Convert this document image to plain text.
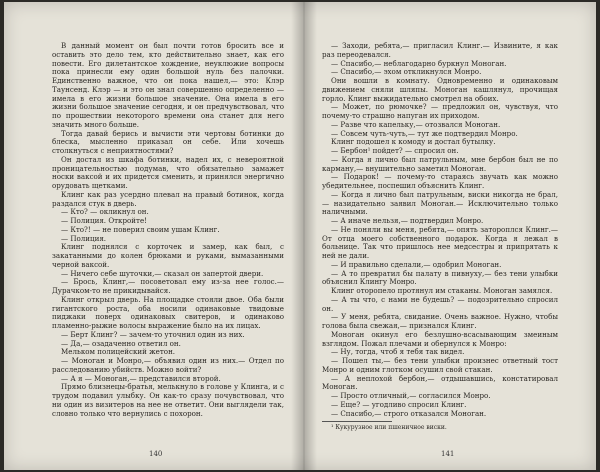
В данный момент он был почти готов бросить все и оставить это дело тем, кто действительно знает, как его повести. Его дилетантское хождение, неуклюжие вопросы пока принесли ему один большой нуль без палочки. Единственно важное, что он пока нашел,— это: Клэр Таунсенд. Клэр — и это он знал совершенно определенно — имела в его жизни большое значение. Она имела в его жизни большое значение сегодня, и он предчувствовал, что по прошествии некоторого времени она станет для него значить много больше.

Тогда давай берись и вычисти эти чертовы ботинки до блеска, мысленно приказал он себе. Или хочешь столкнуться с неприятностями?

Он достал из шкафа ботинки, надел их, с невероятной проницательностью подумав, что обязательно замажет носки ваксой и их придется сменить, и принялся энергично орудовать щетками.

Клинг как раз усердно плевал на правый ботинок, когда раздался стук в дверь.

— Кто? — окликнул он.

— Полиция. Откройте!

— Кто?! — не поверил своим ушам Клинг.

— Полиция.

Клинг поднялся с корточек и замер, как был, с закатанными до колен брюками и руками, вымазанными черной ваксой.

— Ничего себе шуточки,— сказал он запертой двери.

— Брось, Клинг,— посоветовал ему из-за нее голос.— Дурачком-то не прикидывайся.

Клинг открыл дверь. На площадке стояли двое. Оба были гигантского роста, оба носили одинаковые твидовые пиджаки поверх одинаковых свитеров, и одинаково пламенно-рыжие волосы выражение было на их лицах.

— Берт Клинг? — зачем-то уточнил один из них.

— Да,— озадаченно ответил он.

Мельком полицейский жетон.

— Моноган и Монро,— объявил один из них.— Отдел по расследованию убийств. Можно войти?

— А я — Моноган,— представился второй.

Прямо близнецы-братья, мелькнуло в голове у Клинга, и с трудом подавил улыбку. Он как-то сразу почувствовал, что ни один из визитеров на нее не ответит. Они выглядели так, словно только что вернулись с похорон.

140

— Заходи, ребята,— пригласил Клинг.— Извините, я как раз переодевался.

— Спасибо,— неблагодарно буркнул Моноган.

— Спасибо,— эхом откликнулся Монро.

Они вошли в комнату. Одновременно и одинаковым движением сняли шляпы. Моноган кашлянул, прочищая горло. Клинг выжидательно смотрел на обоих.

— Может, по рюмочке? — предложил он, чувствуя, что почему-то страшно напуган их приходом.

— Разве что капельку,— отозвался Моноган.

— Совсем чуть-чуть,— тут же подтвердил Монро.

Клинг подошел к комоду и достал бутылку.

— Бербон¹ пойдет? — спросил он.

— Когда я лично был патрульным, мне бербон был не по карману,— внушительно заметил Моноган.

— Подарок! — почему-то стараясь звучать как можно убедительнее, поспешил объяснить Клинг.

— Когда я лично был патрульным, виски никогда не брал,— назидательно заявил Моноган.— Исключительно только наличными.

— А иначе нельзя,— подтвердил Монро.

— Не поняли вы меня, ребята,— опять затороплся Клинг.— От отца моего собственного подарок. Когда я лежал в больнице. Так что пришлось нее медсестры и припрятать к ней не дали.

— И правильно сделали,— одобрил Моноган.

— А то превратил бы палату в пивнуху,— без тени улыбки объяснил Клингу Монро.

Клинг оторопело протянул им стаканы. Моноган замялся.

— А ты что, с нами не будешь? — подозрительно спросил он.

— У меня, ребята, свидание. Очень важное. Нужно, чтобы голова была свежая,— признался Клинг.

Моноган окинул его безлушно-всасывающим змеиным взглядом. Пожал плечами и обернулся к Монро:

— Ну, тогда, чтоб я тебя так видел.

— Пошел ты,— без тени улыбки произнес ответный тост Монро и одним глотком осушил свой стакан.

— А неплохой бербон,— отдышавшись, констатировал Моноган.

— Просто отличный,— согласился Монро.

— Еще? — угодливо спросил Клинг.

— Спасибо,— строго отказался Моноган.

¹ Кукурузное или пшеничное виски.

141
